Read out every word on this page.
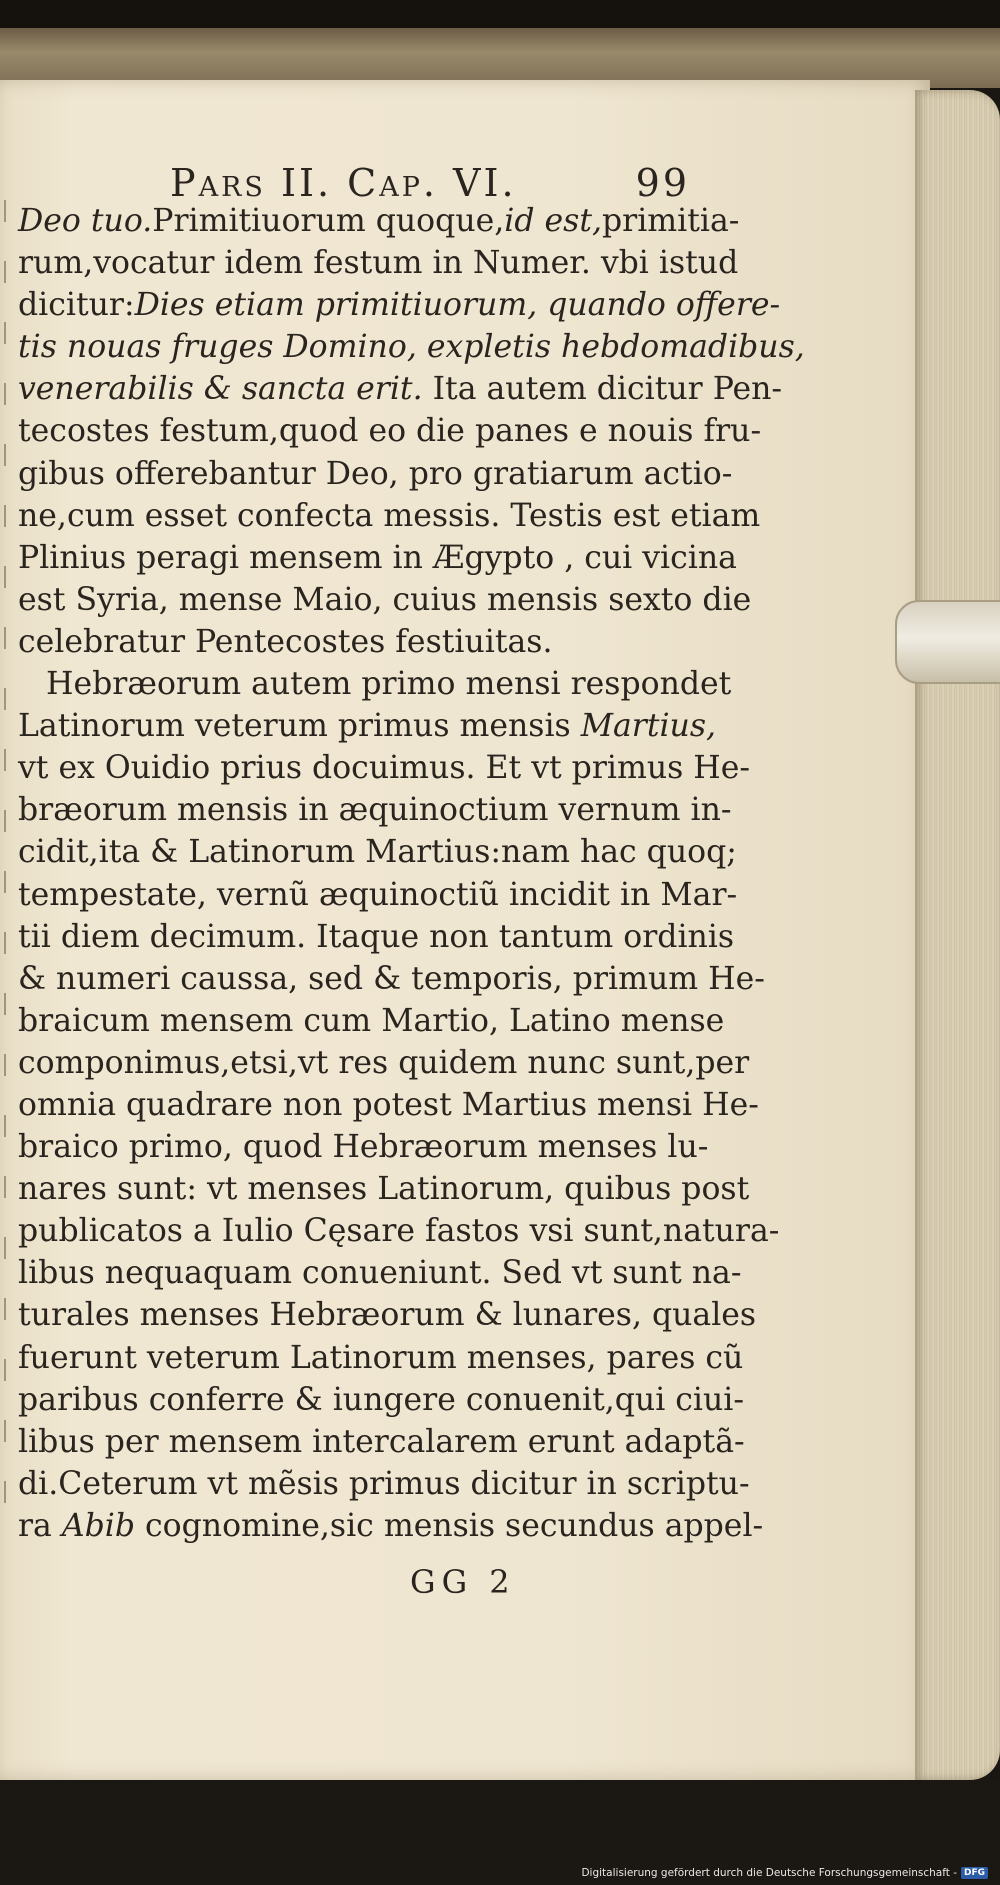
Pars II. Cap. VI.	99
Deo tuo.Primitiuorum quoque,id est,primitia-
rum,vocatur idem festum in Numer. vbi istud
dicitur:Dies etiam primitiuorum, quando offere-
tis nouas fruges Domino, expletis hebdomadibus,
venerabilis & sancta erit. Ita autem dicitur Pen-
tecostes festum,quod eo die panes e nouis fru-
gibus offerebantur Deo, pro gratiarum actio-
ne,cum esset confecta messis. Testis est etiam
Plinius peragi mensem in Ægypto , cui vicina
est Syria, mense Maio, cuius mensis sexto die
celebratur Pentecostes festiuitas.
Hebræorum autem primo mensi respondet
Latinorum veterum primus mensis Martius,
vt ex Ouidio prius docuimus. Et vt primus He-
bræorum mensis in æquinoctium vernum in-
cidit,ita & Latinorum Martius:nam hac quoq;
tempestate, vernũ æquinoctiũ incidit in Mar-
tii diem decimum. Itaque non tantum ordinis
& numeri caussa, sed & temporis, primum He-
braicum mensem cum Martio, Latino mense
componimus,etsi,vt res quidem nunc sunt,per
omnia quadrare non potest Martius mensi He-
braico primo, quod Hebræorum menses lu-
nares sunt: vt menses Latinorum, quibus post
publicatos a Iulio Cęsare fastos vsi sunt,natura-
libus nequaquam conueniunt. Sed vt sunt na-
turales menses Hebræorum & lunares, quales
fuerunt veterum Latinorum menses, pares cũ
paribus conferre & iungere conuenit,qui ciui-
libus per mensem intercalarem erunt adaptã-
di.Ceterum vt mẽsis primus dicitur in scriptu-
ra Abib cognomine,sic mensis secundus appel-
GG 2
Digitalisierung gefördert durch die Deutsche Forschungsgemeinschaft - DFG
